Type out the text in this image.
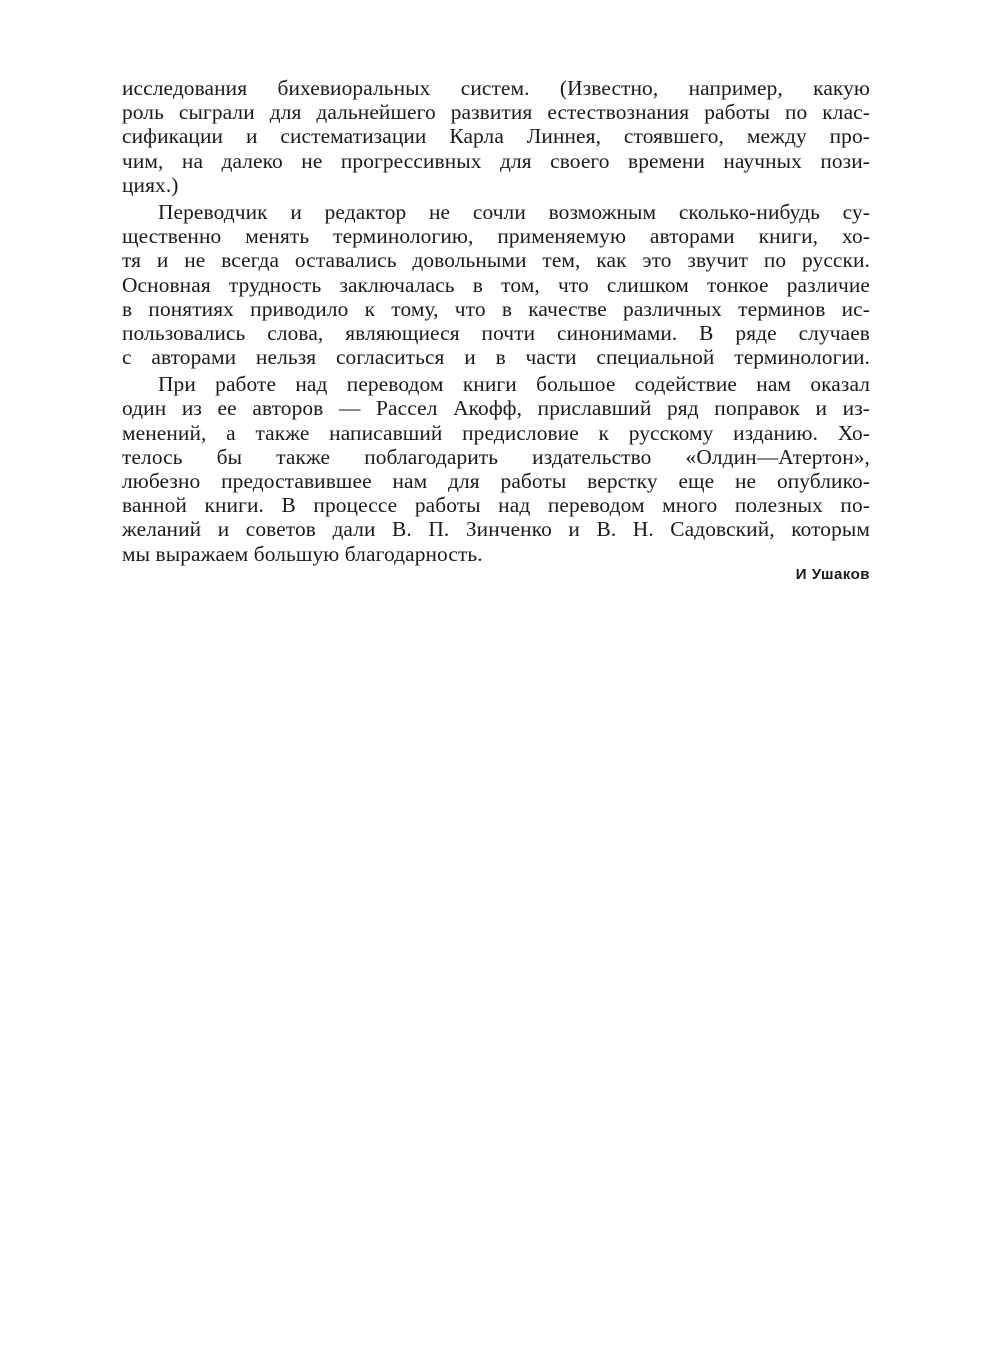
исследования бихевиоральных систем. (Известно, например, какую
роль сыграли для дальнейшего развития естествознания работы по клас-
сификации и систематизации Карла Линнея, стоявшего, между про-
чим, на далеко не прогрессивных для своего времени научных пози-
циях.)
Переводчик и редактор не сочли возможным сколько-нибудь су-
щественно менять терминологию, применяемую авторами книги, хо-
тя и не всегда оставались довольными тем, как это звучит по русски.
Основная трудность заключалась в том, что слишком тонкое различие
в понятиях приводило к тому, что в качестве различных терминов ис-
пользовались слова, являющиеся почти синонимами. В ряде случаев
с авторами нельзя согласиться и в части специальной терминологии.
При работе над переводом книги большое содействие нам оказал
один из ее авторов — Рассел Акофф, приславший ряд поправок и из-
менений, а также написавший предисловие к русскому изданию. Хо-
телось бы также поблагодарить издательство «Олдин—Атертон»,
любезно предоставившее нам для работы верстку еще не опублико-
ванной книги. В процессе работы над переводом много полезных по-
желаний и советов дали В. П. Зинченко и В. Н. Садовский, которым
мы выражаем большую благодарность.
И Ушаков
